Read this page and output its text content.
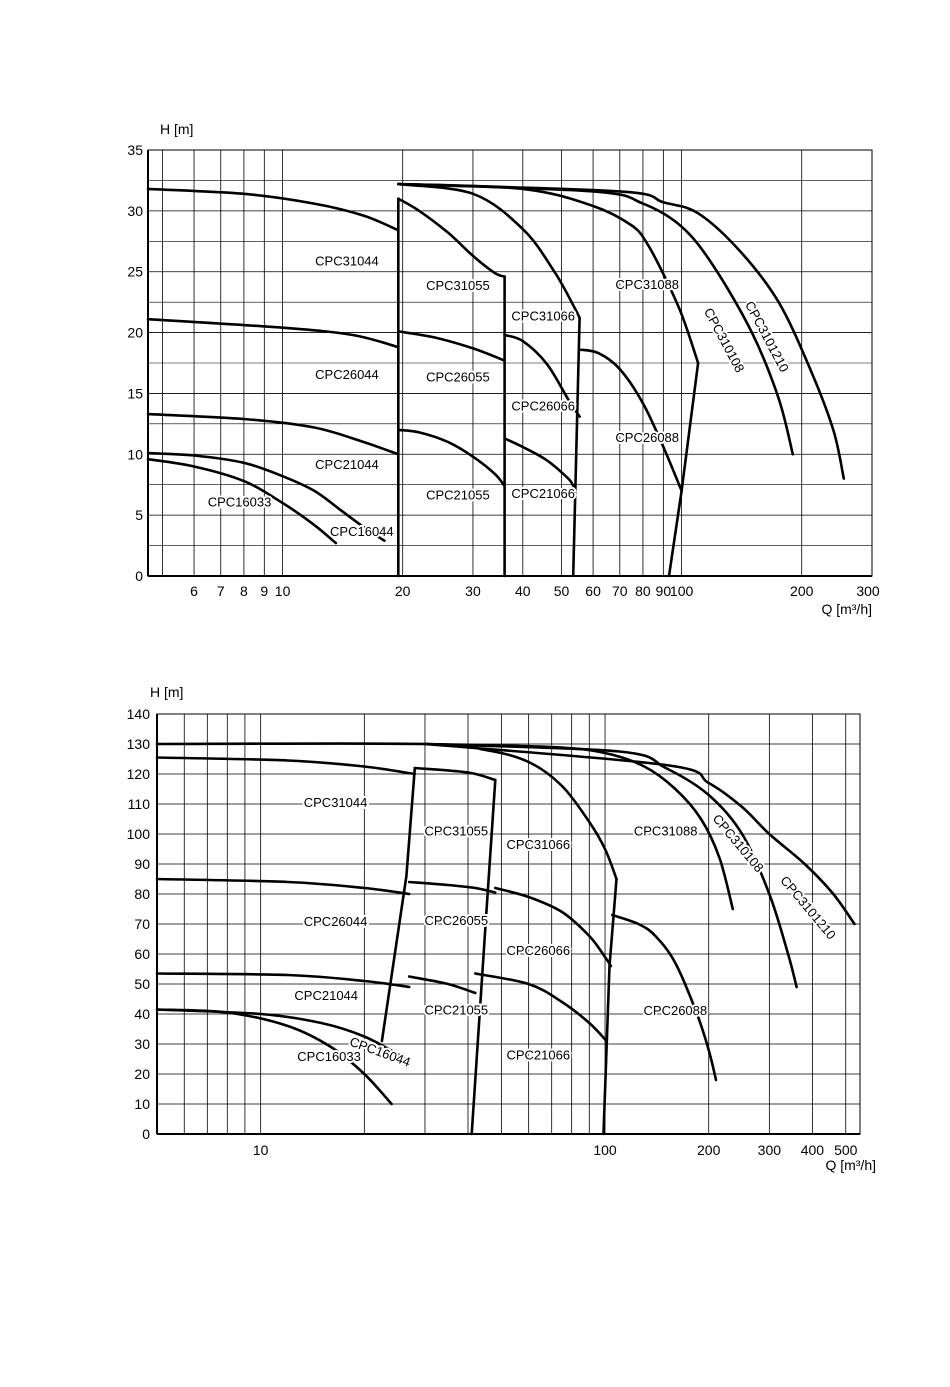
0
5
10
15
20
25
30
35
6 7 8 9 10	20	30 40 50 60 70 80 90
100	200	300
H [m]
Q [m³/h]
CPC31044
CPC31055
CPC31066
CPC31088
CPC26044	CPC26055
CPC26066
CPC26088
CPC21044
CPC21055 CPC21066
CPC16033
CPC16044
CPC310108
CPC3101210
0
10
20
30
40
50
60
70
80
90
100
110
120
130
140
10	100	200	300 400 500
H [m]
Q [m³/h]
CPC31044
CPC31055
CPC31066
CPC31088
CPC26044	CPC26055
CPC26066
CPC26088
CPC21044
CPC21055
CPC21066
CPC16033
CPC16044
CPC310108
CPC3101210
